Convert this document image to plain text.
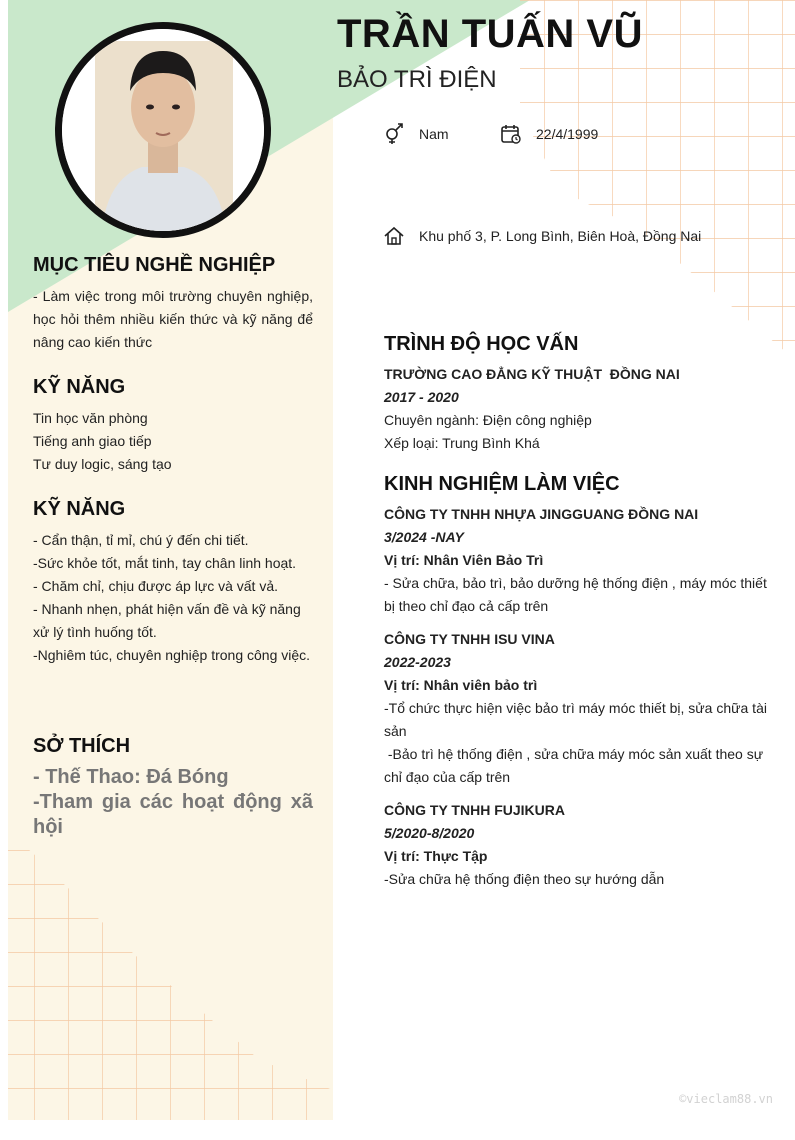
TRẦN TUẤN VŨ
BẢO TRÌ ĐIỆN
Nam	22/4/1999
Khu phố 3, P. Long Bình, Biên Hoà, Đồng Nai
MỤC TIÊU NGHỀ NGHIỆP
- Làm việc trong môi trường chuyên nghiệp, học hỏi thêm nhiều kiến thức và kỹ năng để nâng cao kiến thức
KỸ NĂNG
Tin học văn phòng
Tiếng anh giao tiếp
Tư duy logic, sáng tạo
KỸ NĂNG
- Cẩn thận, tỉ mỉ, chú ý đến chi tiết.
-Sức khỏe tốt, mắt tinh, tay chân linh hoạt.
- Chăm chỉ, chịu được áp lực và vất vả.
- Nhanh nhẹn, phát hiện vấn đề và kỹ năng xử lý tình huống tốt.
-Nghiêm túc, chuyên nghiệp trong công việc.
SỞ THÍCH
- Thế Thao: Đá Bóng
-Tham gia các hoạt động xã hội
TRÌNH ĐỘ HỌC VẤN
TRƯỜNG CAO ĐẲNG KỸ THUẬT  ĐỒNG NAI
2017 - 2020
Chuyên ngành: Điện công nghiệp
Xếp loại: Trung Bình Khá
KINH NGHIỆM LÀM VIỆC
CÔNG TY TNHH NHỰA JINGGUANG ĐỒNG NAI
3/2024 -NAY
Vị trí: Nhân Viên Bảo Trì
- Sửa chữa, bảo trì, bảo dưỡng hệ thống điện , máy móc thiết bị theo chỉ đạo cả cấp trên
CÔNG TY TNHH ISU VINA
2022-2023
Vị trí: Nhân viên bảo trì
-Tổ chức thực hiện việc bảo trì máy móc thiết bị, sửa chữa tài sản
-Bảo trì hệ thống điện , sửa chữa máy móc sản xuất theo sự chỉ đạo của cấp trên
CÔNG TY TNHH FUJIKURA
5/2020-8/2020
Vị trí: Thực Tập
-Sửa chữa hệ thống điện theo sự hướng dẫn
©vieclam88.vn
